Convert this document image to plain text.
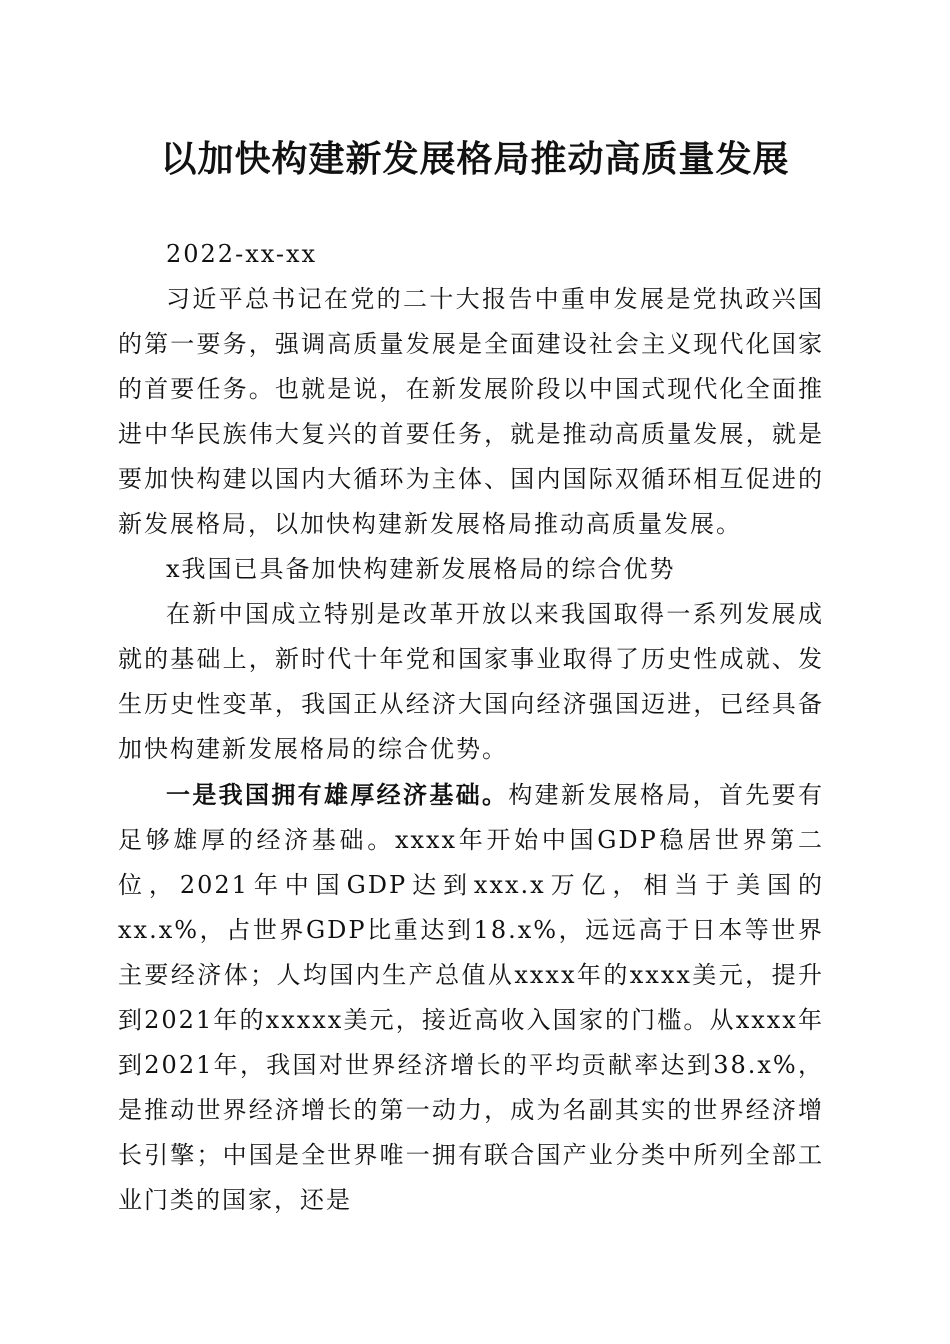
以加快构建新发展格局推动高质量发展

2022-xx-xx

习近平总书记在党的二十大报告中重申发展是党执政兴国的第一要务，强调高质量发展是全面建设社会主义现代化国家的首要任务。也就是说，在新发展阶段以中国式现代化全面推进中华民族伟大复兴的首要任务，就是推动高质量发展，就是要加快构建以国内大循环为主体、国内国际双循环相互促进的新发展格局，以加快构建新发展格局推动高质量发展。

x我国已具备加快构建新发展格局的综合优势

在新中国成立特别是改革开放以来我国取得一系列发展成就的基础上，新时代十年党和国家事业取得了历史性成就、发生历史性变革，我国正从经济大国向经济强国迈进，已经具备加快构建新发展格局的综合优势。

一是我国拥有雄厚经济基础。构建新发展格局，首先要有足够雄厚的经济基础。xxxx年开始中国GDP稳居世界第二位，2021年中国GDP达到xxx.x万亿，相当于美国的xx.x%，占世界GDP比重达到18.x%，远远高于日本等世界主要经济体；人均国内生产总值从xxxx年的xxxx美元，提升到2021年的xxxxx美元，接近高收入国家的门槛。从xxxx年到2021年，我国对世界经济增长的平均贡献率达到38.x%，是推动世界经济增长的第一动力，成为名副其实的世界经济增长引擎；中国是全世界唯一拥有联合国产业分类中所列全部工业门类的国家，还是
